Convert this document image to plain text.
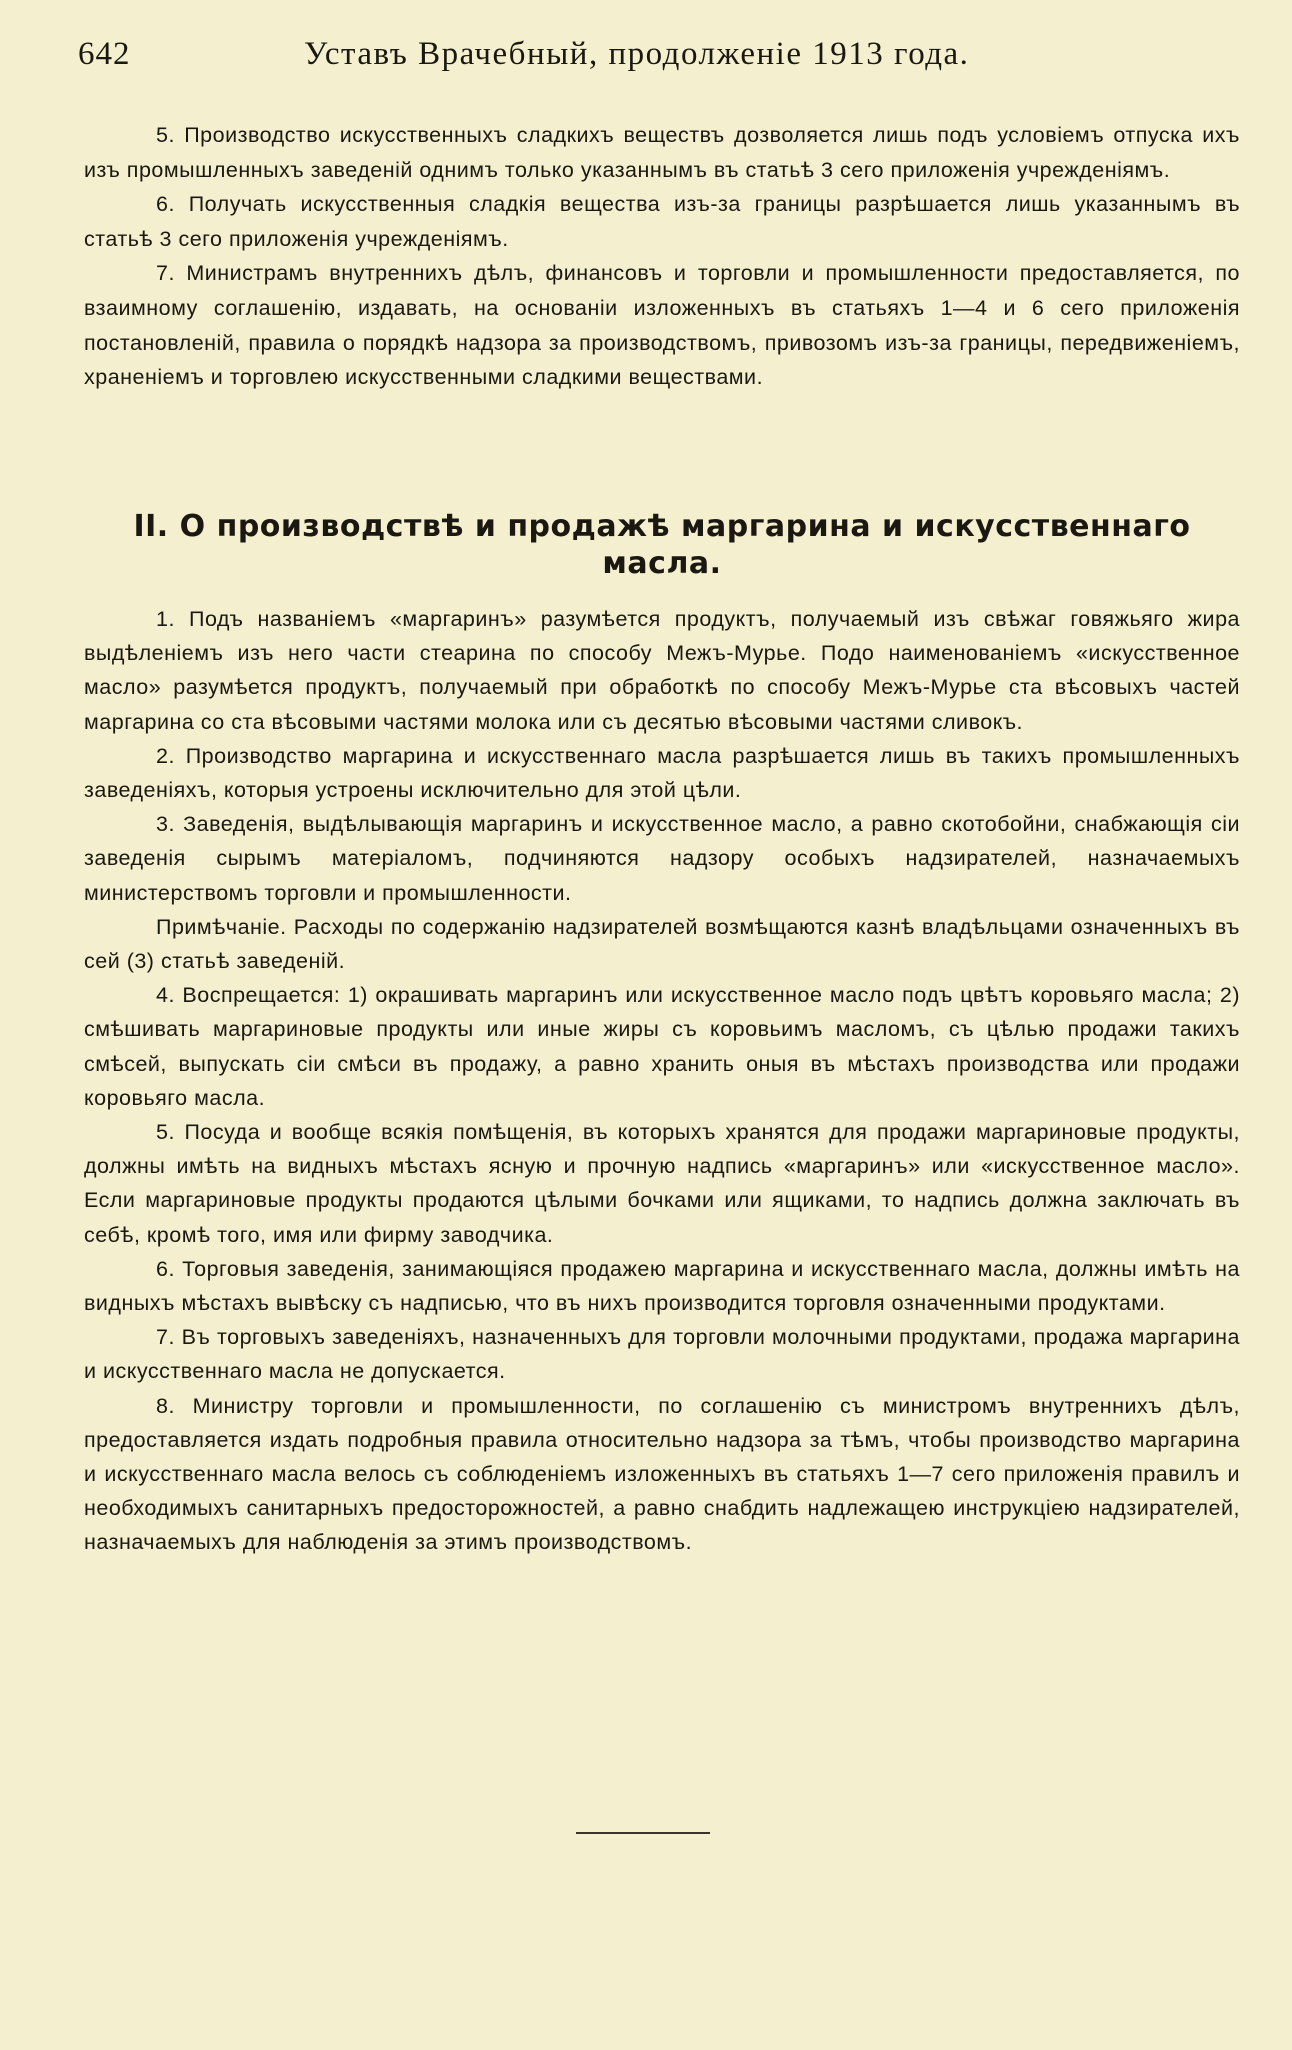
642	Уставъ Врачебный, продолженіе 1913 года.

5. Производство искусственныхъ сладкихъ веществъ дозволяется лишь подъ условіемъ отпуска ихъ изъ промышленныхъ заведеній однимъ только указаннымъ въ статьѣ 3 сего приложенія учрежденіямъ.

6. Получать искусственныя сладкія вещества изъ-за границы разрѣшается лишь указаннымъ въ статьѣ 3 сего приложенія учрежденіямъ.

7. Министрамъ внутреннихъ дѣлъ, финансовъ и торговли и промышленности предоставляется, по взаимному соглашенію, издавать, на основаніи изложенныхъ въ статьяхъ 1—4 и 6 сего приложенія постановленій, правила о порядкѣ надзора за производствомъ, привозомъ изъ-за границы, передвиженіемъ, храненіемъ и торговлею искусственными сладкими веществами.

II. О производствѣ и продажѣ маргарина и искусственнаго масла.

1. Подъ названіемъ «маргаринъ» разумѣется продуктъ, получаемый изъ свѣжаг говяжьяго жира выдѣленіемъ изъ него части стеарина по способу Межъ-Мурье. Подо наименованіемъ «искусственное масло» разумѣется продуктъ, получаемый при обработкѣ по способу Межъ-Мурье ста вѣсовыхъ частей маргарина со ста вѣсовыми частями молока или съ десятью вѣсовыми частями сливокъ.

2. Производство маргарина и искусственнаго масла разрѣшается лишь въ такихъ промышленныхъ заведеніяхъ, которыя устроены исключительно для этой цѣли.

3. Заведенія, выдѣлывающія маргаринъ и искусственное масло, а равно скотобойни, снабжающія сіи заведенія сырымъ матеріаломъ, подчиняются надзору особыхъ надзирателей, назначаемыхъ министерствомъ торговли и промышленности.

Примѣчаніе. Расходы по содержанію надзирателей возмѣщаются казнѣ владѣльцами означенныхъ въ сей (3) статьѣ заведеній.

4. Воспрещается: 1) окрашивать маргаринъ или искусственное масло подъ цвѣтъ коровьяго масла; 2) смѣшивать маргариновые продукты или иные жиры съ коровьимъ масломъ, съ цѣлью продажи такихъ смѣсей, выпускать сіи смѣси въ продажу, а равно хранить оныя въ мѣстахъ производства или продажи коровьяго масла.

5. Посуда и вообще всякія помѣщенія, въ которыхъ хранятся для продажи маргариновые продукты, должны имѣть на видныхъ мѣстахъ ясную и прочную надпись «маргаринъ» или «искусственное масло». Если маргариновые продукты продаются цѣлыми бочками или ящиками, то надпись должна заключать въ себѣ, кромѣ того, имя или фирму заводчика.

6. Торговыя заведенія, занимающіяся продажею маргарина и искусственнаго масла, должны имѣть на видныхъ мѣстахъ вывѣску съ надписью, что въ нихъ производится торговля означенными продуктами.

7. Въ торговыхъ заведеніяхъ, назначенныхъ для торговли молочными продуктами, продажа маргарина и искусственнаго масла не допускается.

8. Министру торговли и промышленности, по соглашенію съ министромъ внутреннихъ дѣлъ, предоставляется издать подробныя правила относительно надзора за тѣмъ, чтобы производство маргарина и искусственнаго масла велось съ соблюденіемъ изложенныхъ въ статьяхъ 1—7 сего приложенія правилъ и необходимыхъ санитарныхъ предосторожностей, а равно снабдить надлежащею инструкціею надзирателей, назначаемыхъ для наблюденія за этимъ производствомъ.
